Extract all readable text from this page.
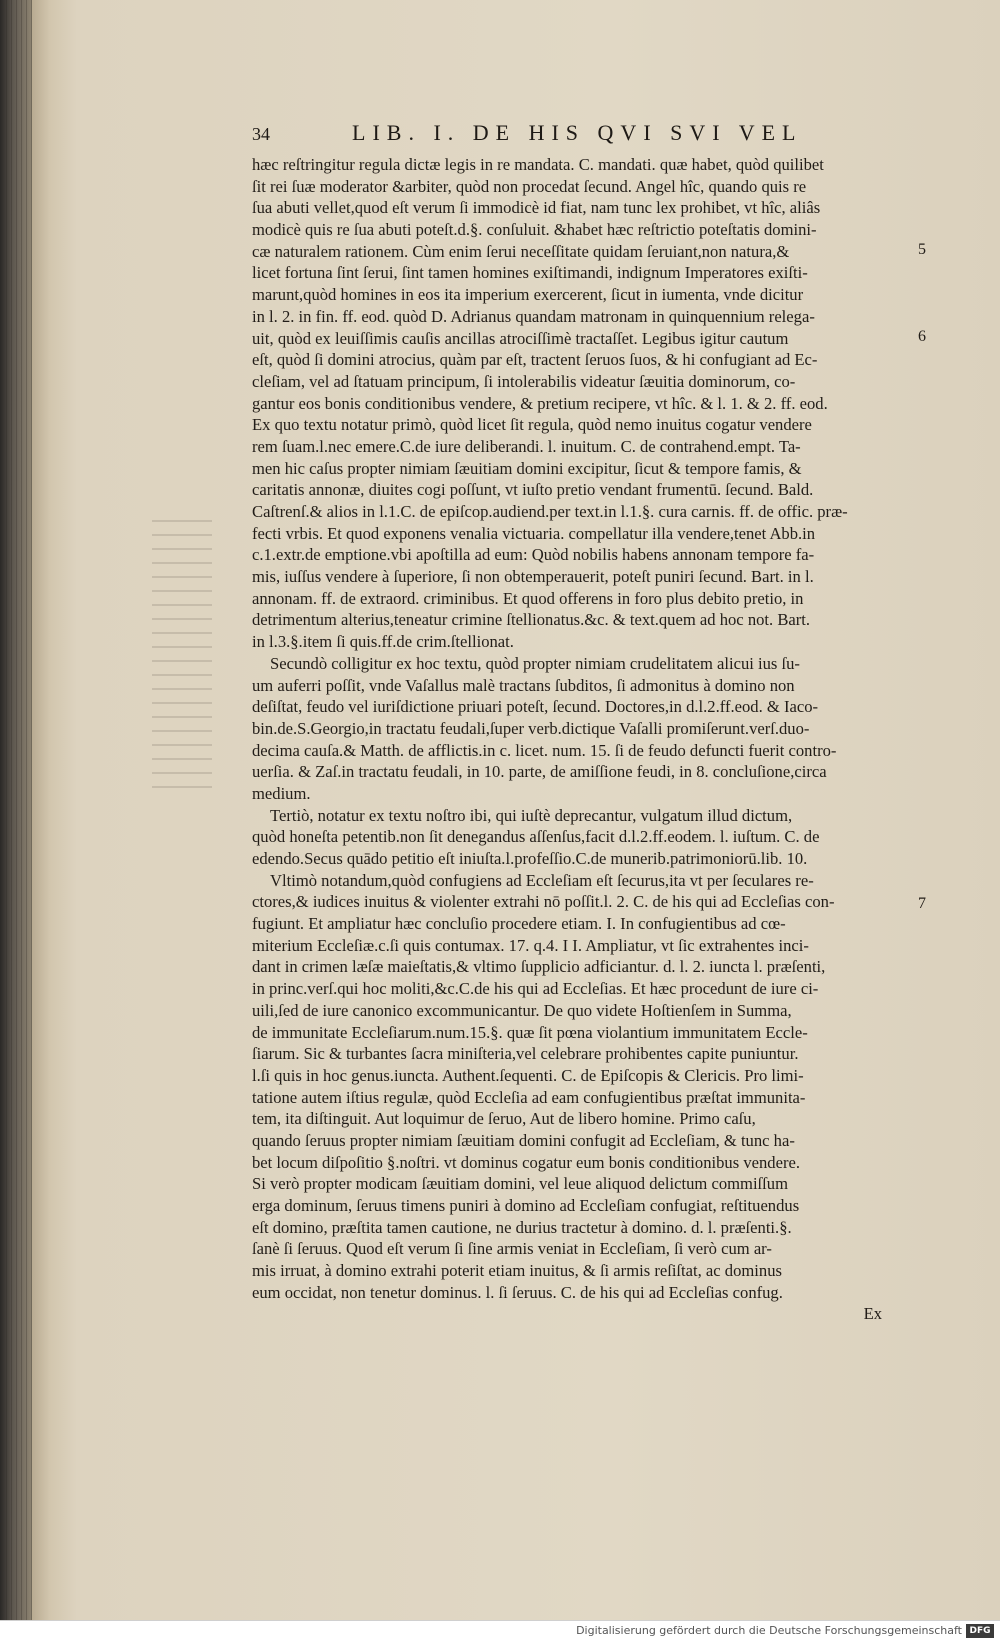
34	LIB. I. DE HIS QVI SVI VEL
hæc reſtringitur regula dictæ legis in re mandata. C. mandati. quæ habet, quòd quilibet
ſit rei ſuæ moderator &arbiter, quòd non procedat ſecund. Angel hîc, quando quis re
ſua abuti vellet,quod eſt verum ſi immodicè id fiat, nam tunc lex prohibet, vt hîc, aliâs
modicè quis re ſua abuti poteſt.d.§. conſuluit. &habet hæc reſtrictio poteſtatis domini-
cæ naturalem rationem. Cùm enim ſerui neceſſitate quidam ſeruiant,non natura,&
licet fortuna ſint ſerui, ſint tamen homines exiſtimandi, indignum Imperatores exiſti-
marunt,quòd homines in eos ita imperium exercerent, ſicut in iumenta, vnde dicitur
in l. 2. in fin. ff. eod. quòd D. Adrianus quandam matronam in quinquennium relega-
uit, quòd ex leuiſſimis cauſis ancillas atrociſſimè tractaſſet. Legibus igitur cautum
eſt, quòd ſi domini atrocius, quàm par eſt, tractent ſeruos ſuos, & hi confugiant ad Ec-
cleſiam, vel ad ſtatuam principum, ſi intolerabilis videatur ſæuitia dominorum, co-
gantur eos bonis conditionibus vendere, & pretium recipere, vt hîc. & l. 1. & 2. ff. eod.
Ex quo textu notatur primò, quòd licet ſit regula, quòd nemo inuitus cogatur vendere
rem ſuam.l.nec emere.C.de iure deliberandi. l. inuitum. C. de contrahend.empt. Ta-
men hic caſus propter nimiam ſæuitiam domini excipitur, ſicut & tempore famis, &
caritatis annonæ, diuites cogi poſſunt, vt iuſto pretio vendant frumentū. ſecund. Bald.
Caſtrenſ.& alios in l.1.C. de epiſcop.audiend.per text.in l.1.§. cura carnis. ff. de offic. præ-
fecti vrbis. Et quod exponens venalia victuaria. compellatur illa vendere,tenet Abb.in
c.1.extr.de emptione.vbi apoſtilla ad eum: Quòd nobilis habens annonam tempore fa-
mis, iuſſus vendere à ſuperiore, ſi non obtemperauerit, poteſt puniri ſecund. Bart. in l.
annonam. ff. de extraord. criminibus. Et quod offerens in foro plus debito pretio, in
detrimentum alterius,teneatur crimine ſtellionatus.&c. & text.quem ad hoc not. Bart.
in l.3.§.item ſi quis.ff.de crim.ſtellionat.
Secundò colligitur ex hoc textu, quòd propter nimiam crudelitatem alicui ius ſu-
um auferri poſſit, vnde Vaſallus malè tractans ſubditos, ſi admonitus à domino non
deſiſtat, feudo vel iuriſdictione priuari poteſt, ſecund. Doctores,in d.l.2.ff.eod. & Iaco-
bin.de.S.Georgio,in tractatu feudali,ſuper verb.dictique Vaſalli promiſerunt.verſ.duo-
decima cauſa.& Matth. de afflictis.in c. licet. num. 15. ſi de feudo defuncti fuerit contro-
uerſia. & Zaſ.in tractatu feudali, in 10. parte, de amiſſione feudi, in 8. concluſione,circa
medium.
Tertiò, notatur ex textu noſtro ibi, qui iuſtè deprecantur, vulgatum illud dictum,
quòd honeſta petentib.non ſit denegandus aſſenſus,facit d.l.2.ff.eodem. l. iuſtum. C. de
edendo.Secus quādo petitio eſt iniuſta.l.profeſſio.C.de munerib.patrimoniorū.lib. 10.
Vltimò notandum,quòd confugiens ad Eccleſiam eſt ſecurus,ita vt per ſeculares re-
ctores,& iudices inuitus & violenter extrahi nō poſſit.l. 2. C. de his qui ad Eccleſias con-
fugiunt. Et ampliatur hæc concluſio procedere etiam. I. In confugientibus ad cœ-
miterium Eccleſiæ.c.ſi quis contumax. 17. q.4. I I. Ampliatur, vt ſic extrahentes inci-
dant in crimen læſæ maieſtatis,& vltimo ſupplicio adficiantur. d. l. 2. iuncta l. præſenti,
in princ.verſ.qui hoc moliti,&c.C.de his qui ad Eccleſias. Et hæc procedunt de iure ci-
uili,ſed de iure canonico excommunicantur. De quo videte Hoſtienſem in Summa,
de immunitate Eccleſiarum.num.15.§. quæ ſit pœna violantium immunitatem Eccle-
ſiarum. Sic & turbantes ſacra miniſteria,vel celebrare prohibentes capite puniuntur.
l.ſi quis in hoc genus.iuncta. Authent.ſequenti. C. de Epiſcopis & Clericis. Pro limi-
tatione autem iſtius regulæ, quòd Eccleſia ad eam confugientibus præſtat immunita-
tem, ita diſtinguit. Aut loquimur de ſeruo, Aut de libero homine. Primo caſu,
quando ſeruus propter nimiam ſæuitiam domini confugit ad Eccleſiam, & tunc ha-
bet locum diſpoſitio §.noſtri. vt dominus cogatur eum bonis conditionibus vendere.
Si verò propter modicam ſæuitiam domini, vel leue aliquod delictum commiſſum
erga dominum, ſeruus timens puniri à domino ad Eccleſiam confugiat, reſtituendus
eſt domino, præſtita tamen cautione, ne durius tractetur à domino. d. l. præſenti.§.
ſanè ſi ſeruus. Quod eſt verum ſi ſine armis veniat in Eccleſiam, ſi verò cum ar-
mis irruat, à domino extrahi poterit etiam inuitus, & ſi armis reſiſtat, ac dominus
eum occidat, non tenetur dominus. l. ſi ſeruus. C. de his qui ad Eccleſias confug.
Ex
5
6
7
Digitalisierung gefördert durch die Deutsche Forschungsgemeinschaft DFG
